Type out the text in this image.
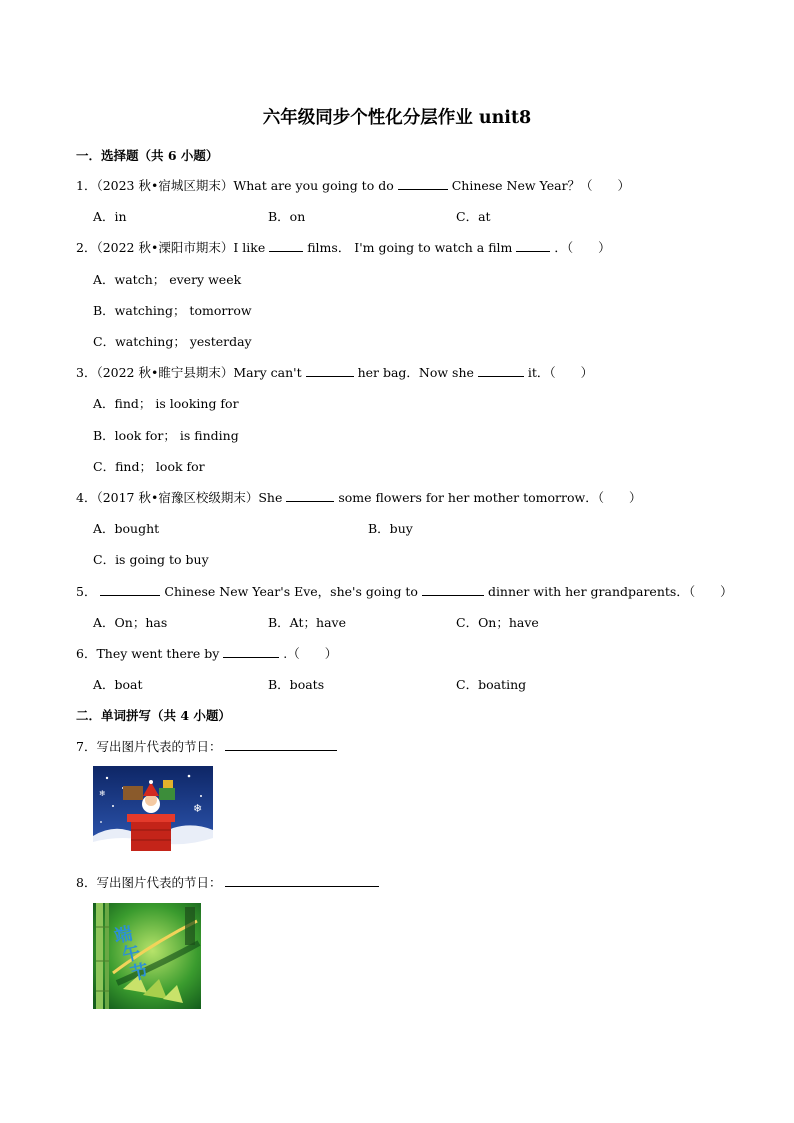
六年级同步个性化分层作业 unit8
一．选择题（共 6 小题）
1．（2023 秋•宿城区期末）What are you going to do	Chinese New Year？（　　）
A．in	B．on	C．at
2．（2022 秋•溧阳市期末）I like	films． I'm going to watch a film	．（　　）
A．watch； every week
B．watching； tomorrow
C．watching； yesterday
3．（2022 秋•睢宁县期末）Mary can't	her bag．Now she	it．（　　）
A．find； is looking for
B．look for； is finding
C．find； look for
4．（2017 秋•宿豫区校级期末）She	some flowers for her mother tomorrow．（　　）
A．bought	B．buy
C．is going to buy
5．	Chinese New Year's Eve，she's going to	dinner with her grandparents．（　　）
A．On；has	B．At；have	C．On；have
6．They went there by	.（　　）
A．boat	B．boats	C．boating
二．单词拼写（共 4 小题）
7．写出图片代表的节日：
❄
❄
8．写出图片代表的节日：
端午节
